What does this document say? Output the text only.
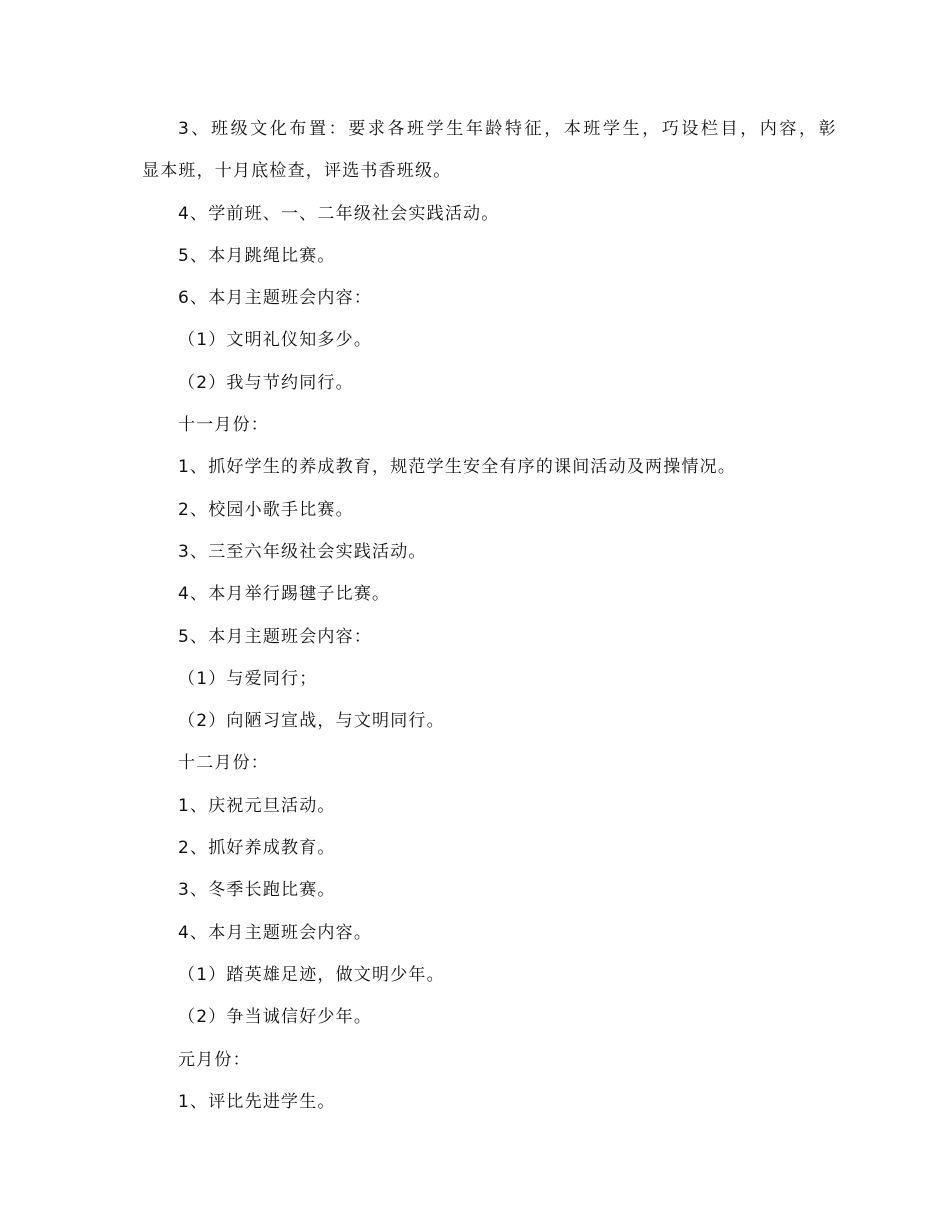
3、班级文化布置：要求各班学生年龄特征，本班学生，巧设栏目，内容，彰
显本班，十月底检查，评选书香班级。
4、学前班、一、二年级社会实践活动。
5、本月跳绳比赛。
6、本月主题班会内容：
（1）文明礼仪知多少。
（2）我与节约同行。
十一月份：
1、抓好学生的养成教育，规范学生安全有序的课间活动及两操情况。
2、校园小歌手比赛。
3、三至六年级社会实践活动。
4、本月举行踢毽子比赛。
5、本月主题班会内容：
（1）与爱同行；
（2）向陋习宣战，与文明同行。
十二月份：
1、庆祝元旦活动。
2、抓好养成教育。
3、冬季长跑比赛。
4、本月主题班会内容。
（1）踏英雄足迹，做文明少年。
（2）争当诚信好少年。
元月份：
1、评比先进学生。
